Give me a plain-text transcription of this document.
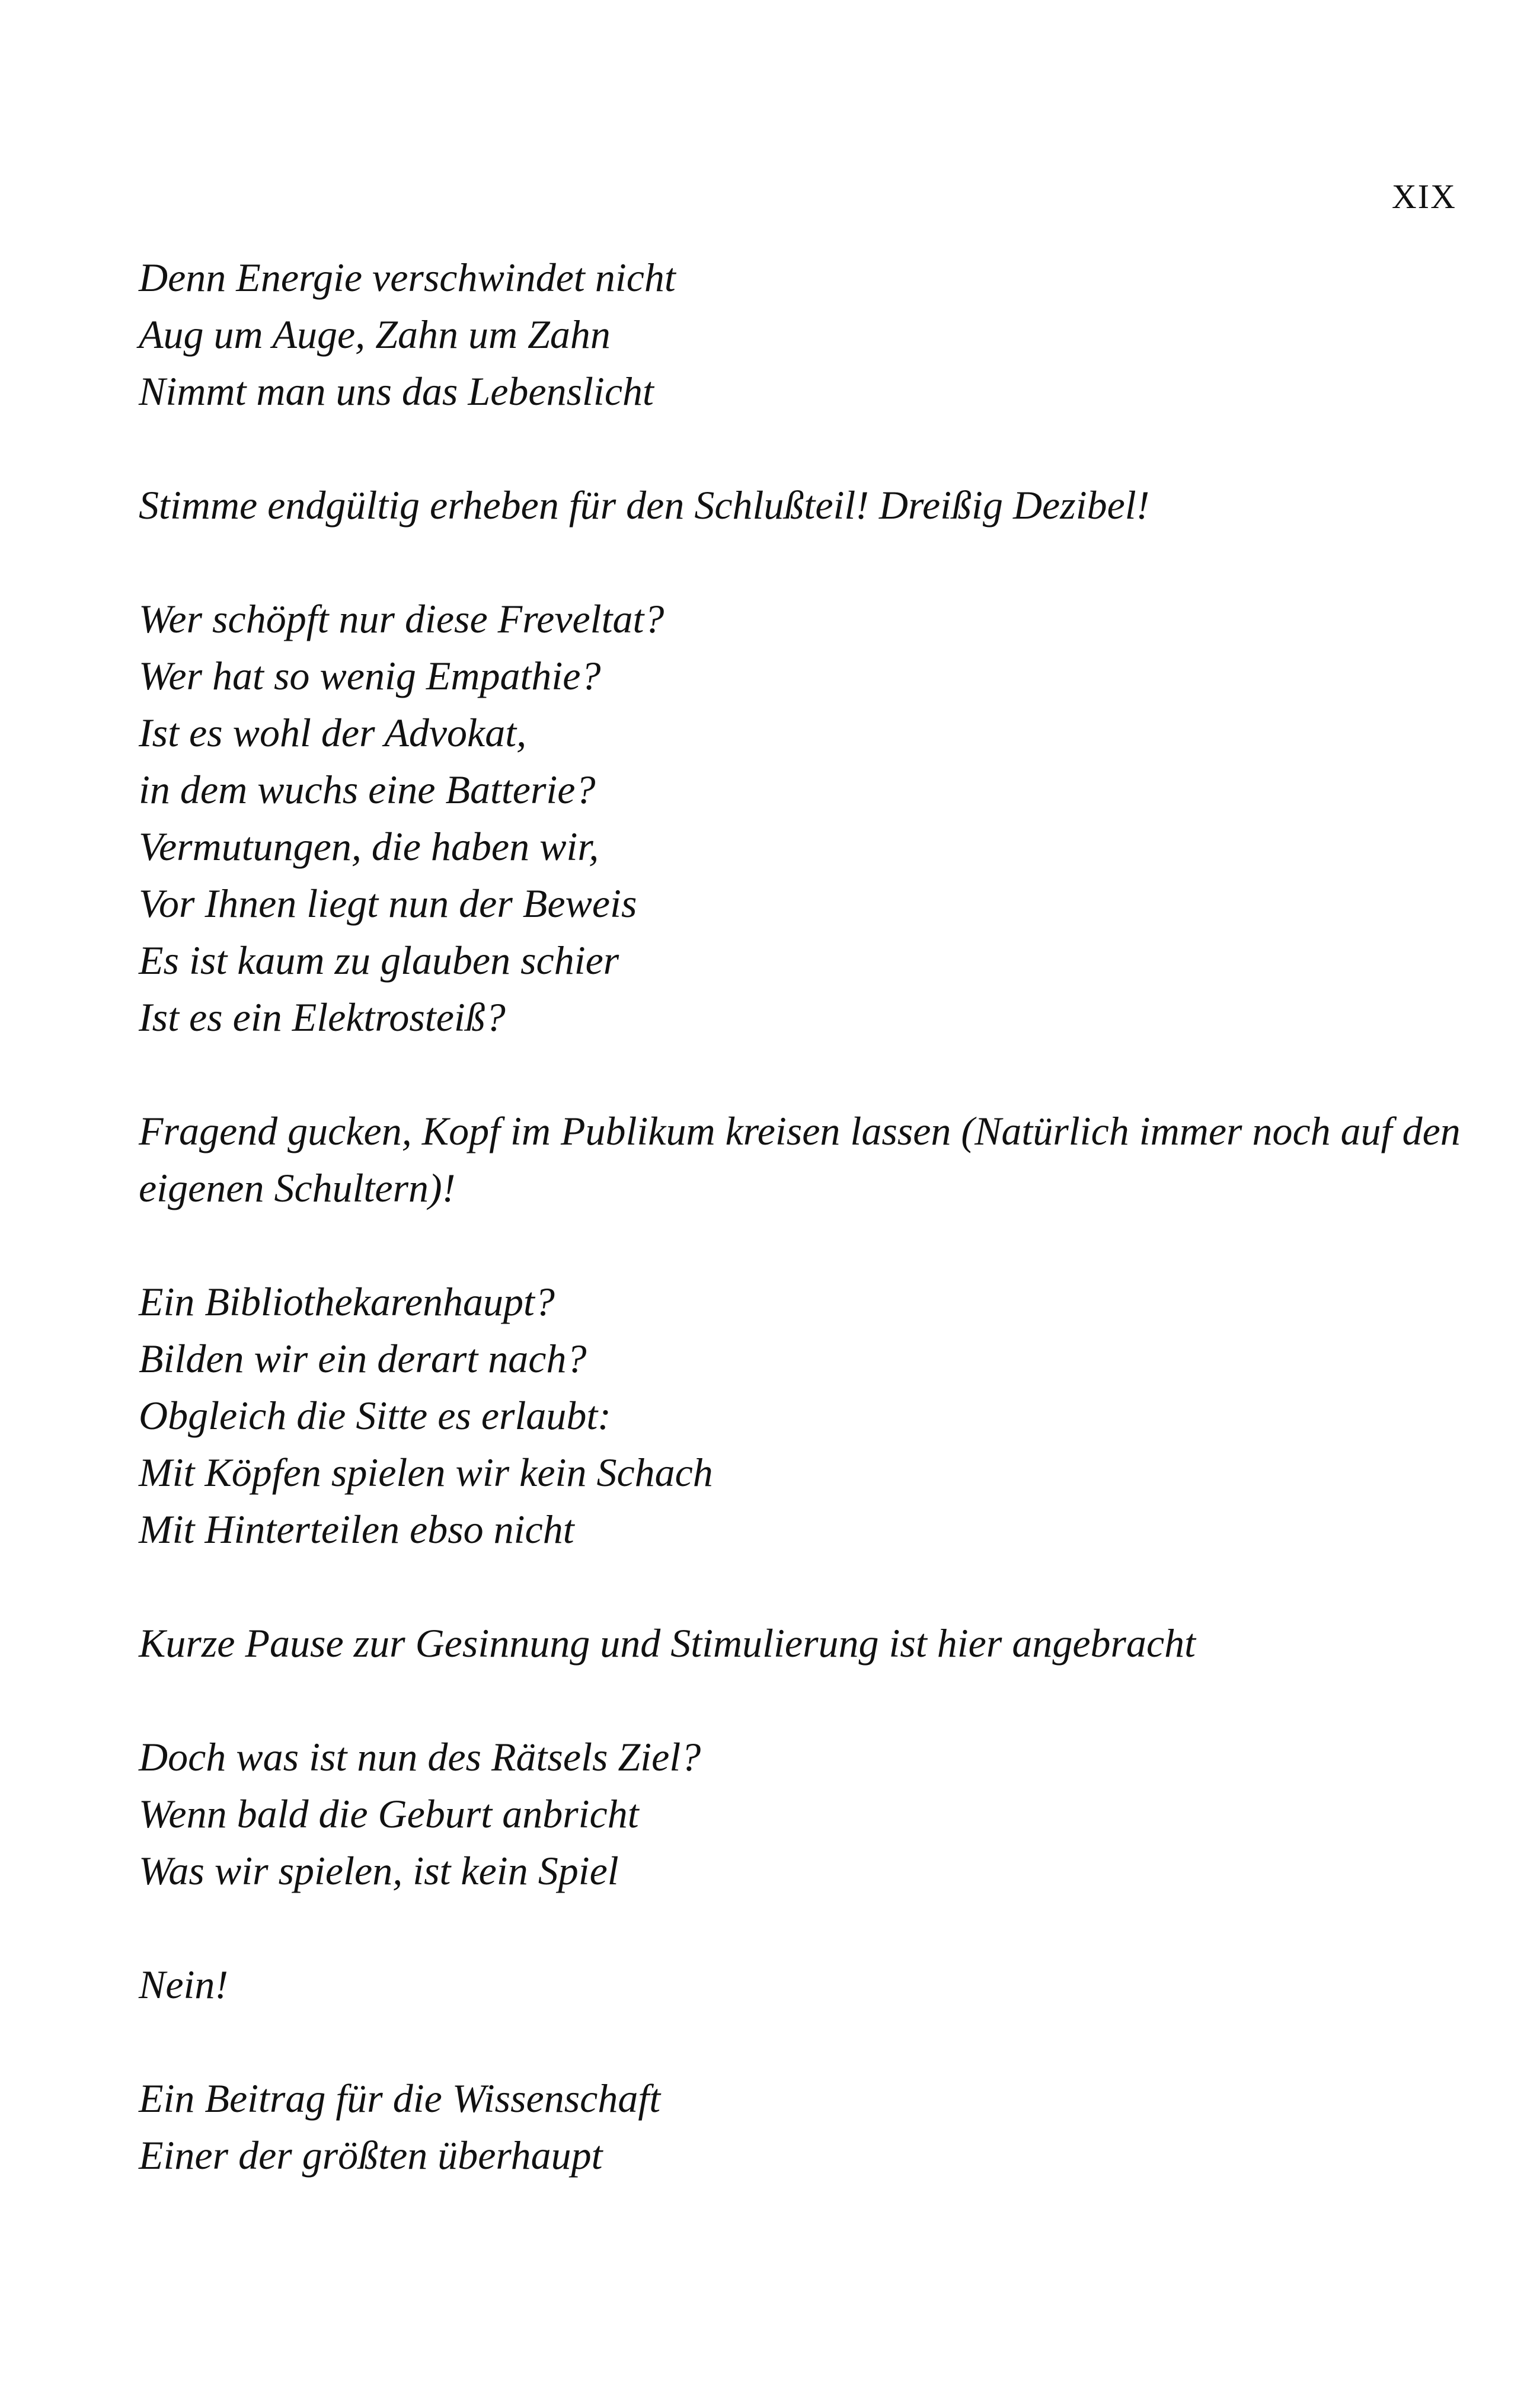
XIX
Denn Energie verschwindet nicht
Aug um Auge, Zahn um Zahn
Nimmt man uns das Lebenslicht
Stimme endgültig erheben für den Schlußteil! Dreißig Dezibel!
Wer schöpft nur diese Freveltat?
Wer hat so wenig Empathie?
Ist es wohl der Advokat,
in dem wuchs eine Batterie?
Vermutungen, die haben wir,
Vor Ihnen liegt nun der Beweis
Es ist kaum zu glauben schier
Ist es ein Elektrosteiß?
Fragend gucken, Kopf im Publikum kreisen lassen (Natürlich immer noch auf den eigenen Schultern)!
Ein Bibliothekarenhaupt?
Bilden wir ein derart nach?
Obgleich die Sitte es erlaubt:
Mit Köpfen spielen wir kein Schach
Mit Hinterteilen ebso nicht
Kurze Pause zur Gesinnung und Stimulierung ist hier angebracht
Doch was ist nun des Rätsels Ziel?
Wenn bald die Geburt anbricht
Was wir spielen, ist kein Spiel
Nein!
Ein Beitrag für die Wissenschaft
Einer der größten überhaupt
